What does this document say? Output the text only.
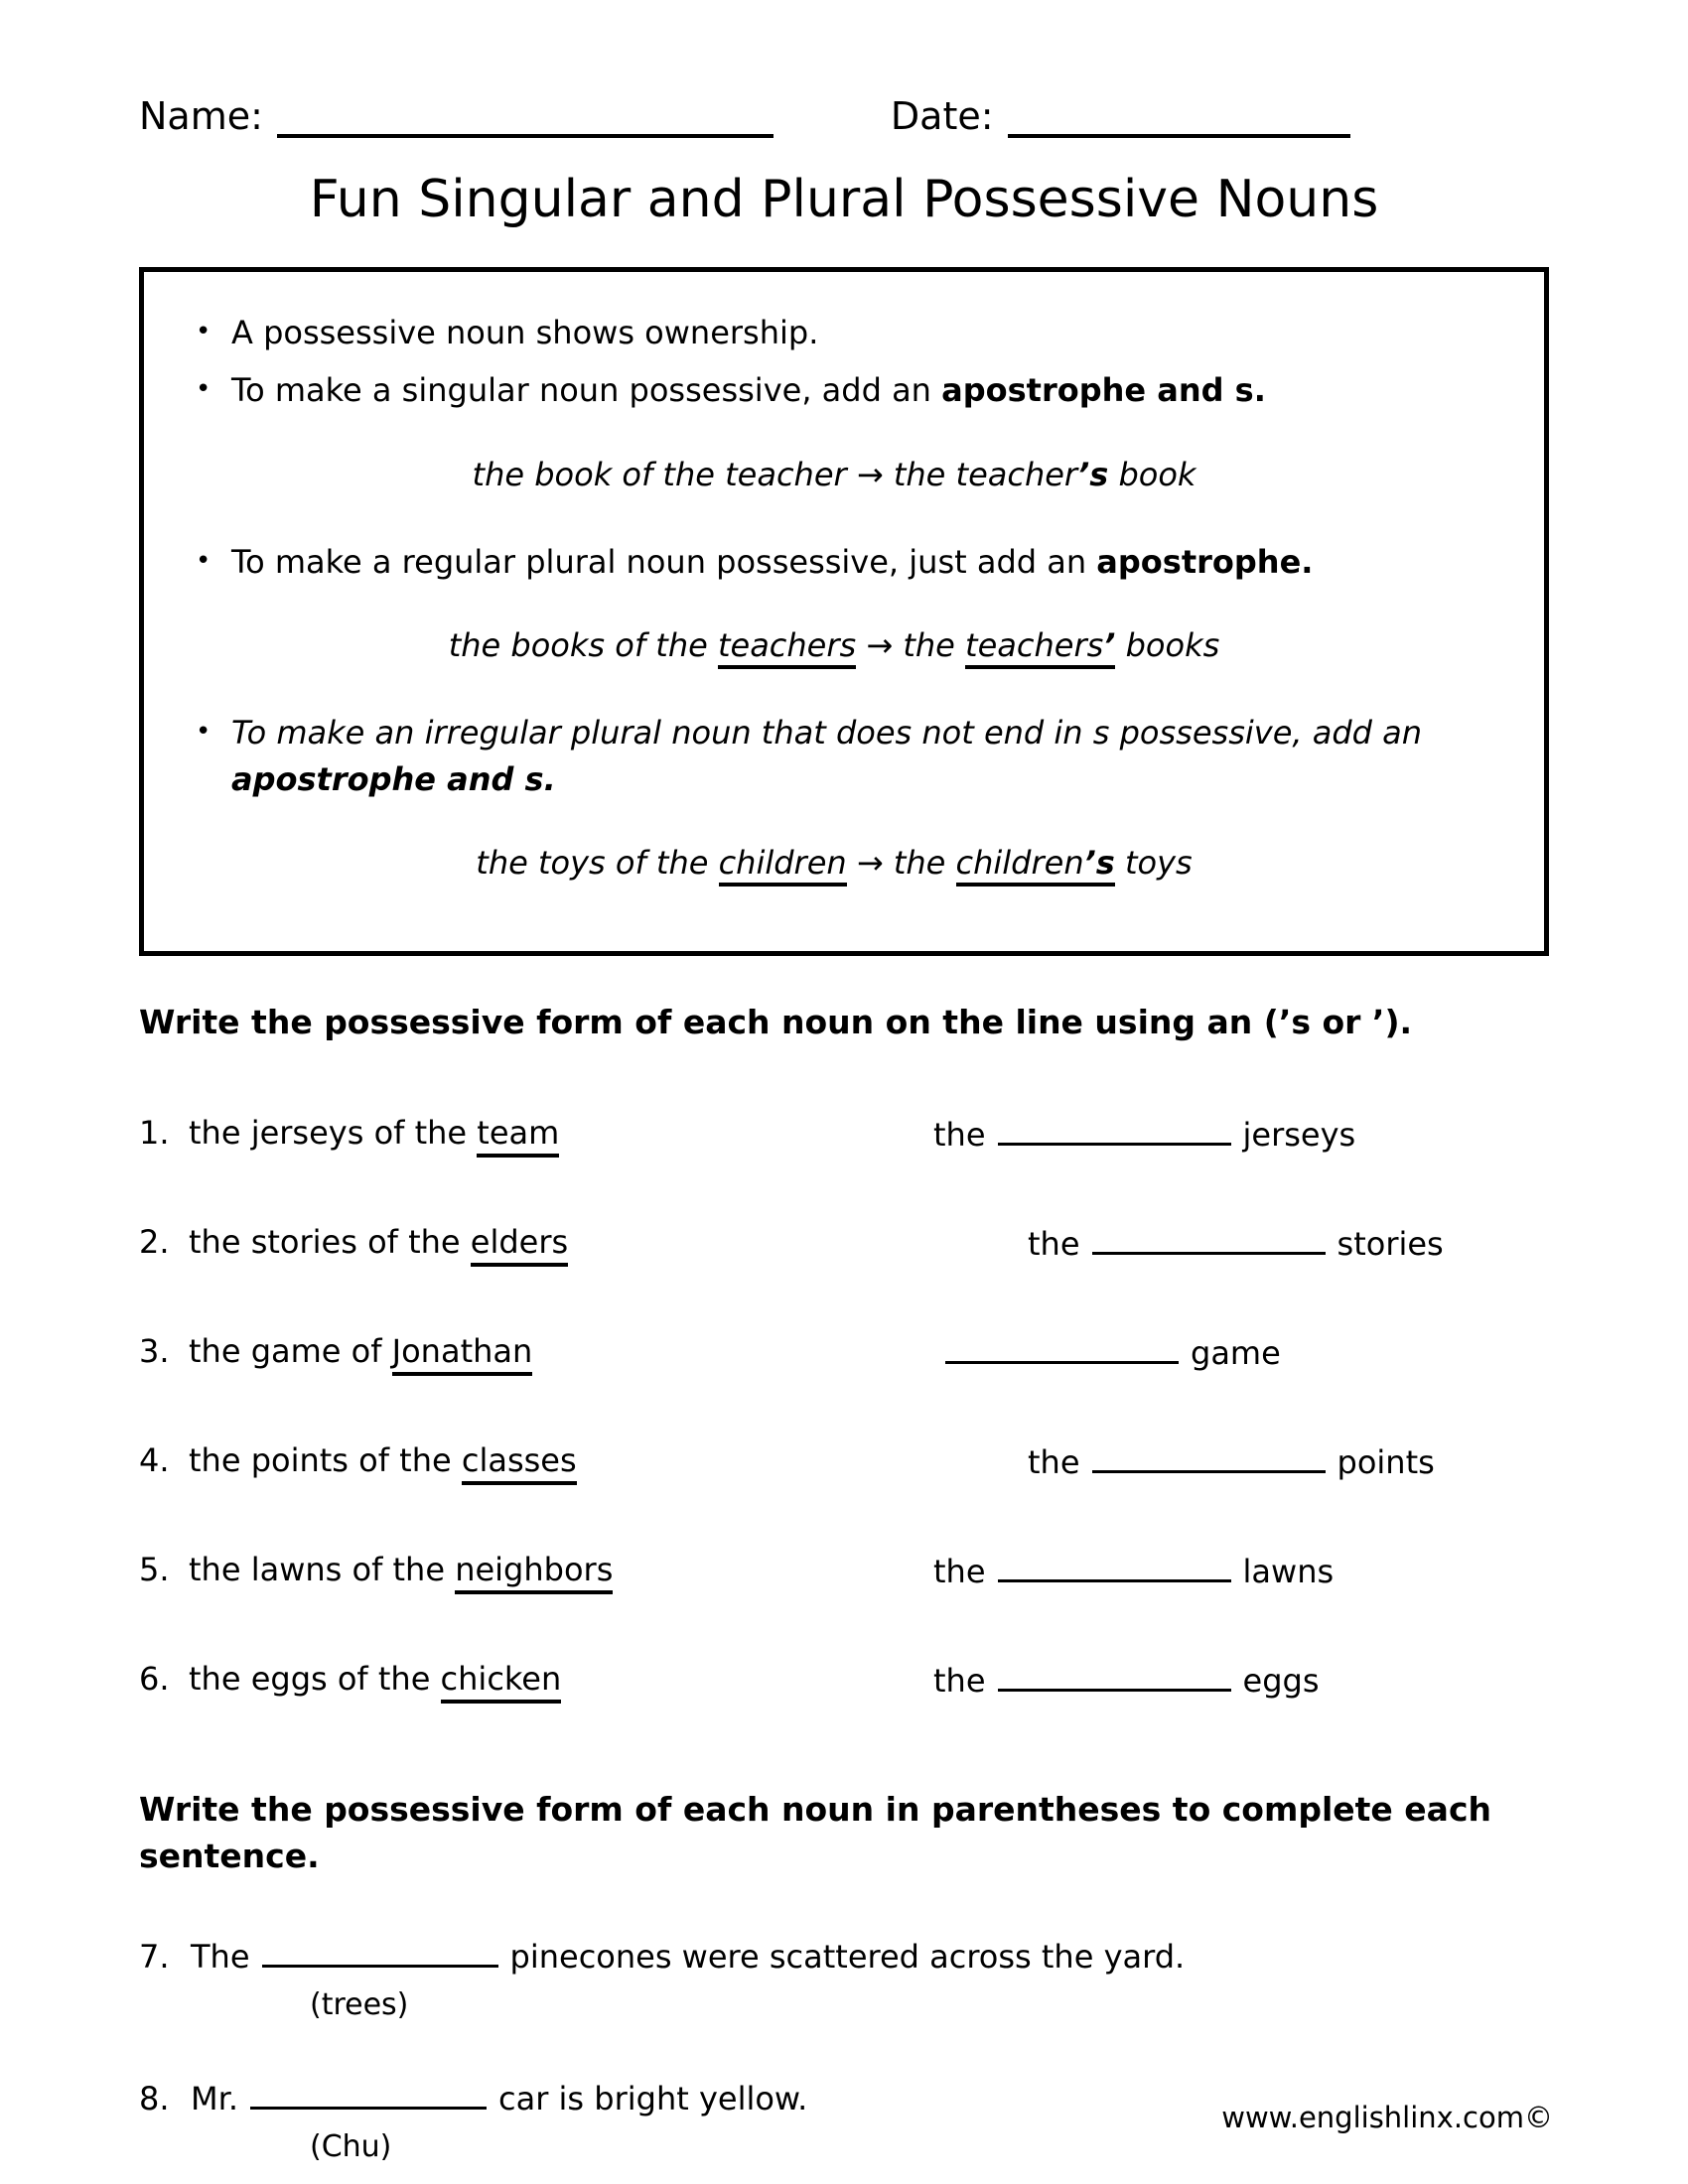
Name:	Date:
Fun Singular and Plural Possessive Nouns
• A possessive noun shows ownership.
• To make a singular noun possessive, add an apostrophe and s.
the book of the teacher → the teacher’s book
• To make a regular plural noun possessive, just add an apostrophe.
the books of the teachers → the teachers’ books
• To make an irregular plural noun that does not end in s possessive, add an apostrophe and s.
the toys of the children → the children’s toys
Write the possessive form of each noun on the line using an (’s or ’).
1. the jerseys of the team	the	jerseys
2. the stories of the elders	the	stories
3. the game of Jonathan	game
4. the points of the classes	the	points
5. the lawns of the neighbors	the	lawns
6. the eggs of the chicken	the	eggs
Write the possessive form of each noun in parentheses to complete each sentence.
7. The	pinecones were scattered across the yard.
(trees)
8. Mr.	car is bright yellow.
(Chu)
www.englishlinx.com©
